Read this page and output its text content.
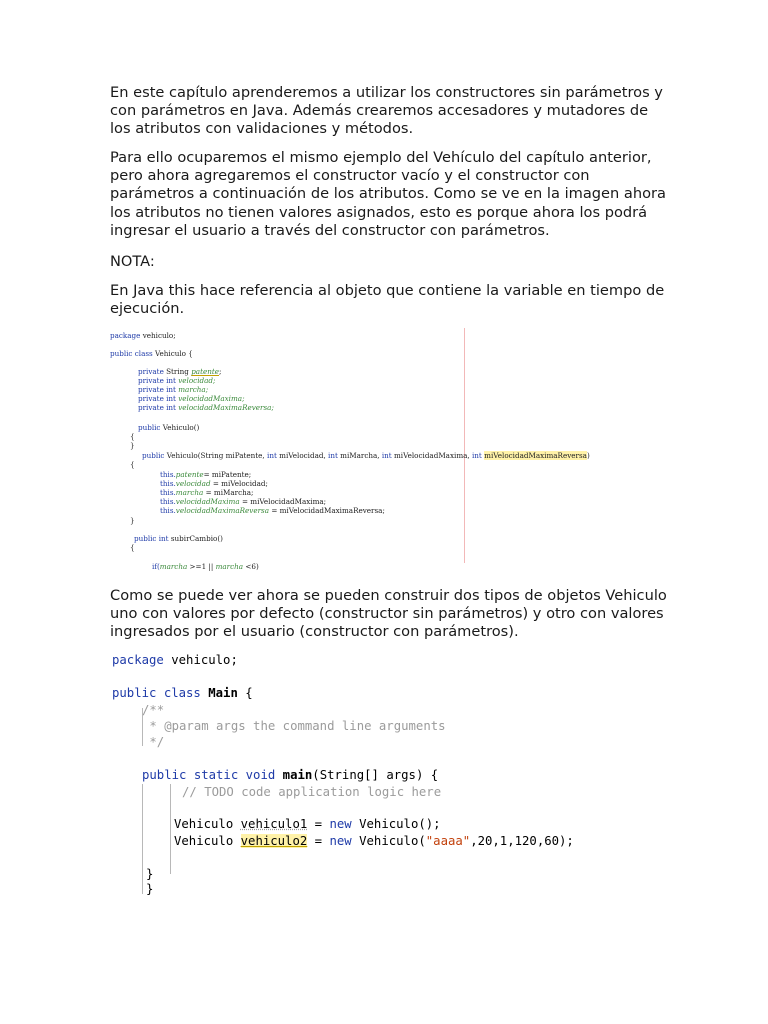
En este capítulo aprenderemos a utilizar los constructores sin parámetros y con parámetros en Java. Además crearemos accesadores y mutadores de los atributos con validaciones y métodos.

Para ello ocuparemos el mismo ejemplo del Vehículo del capítulo anterior, pero ahora agregaremos el constructor vacío y el constructor con parámetros a continuación de los atributos. Como se ve en la imagen ahora los atributos no tienen valores asignados, esto es porque ahora los podrá ingresar el usuario a través del constructor con parámetros.

NOTA:

En Java this hace referencia al objeto que contiene la variable en tiempo de ejecución.

package vehiculo;
public class Vehiculo {
private String patente;
private int velocidad;
private int marcha;
private int velocidadMaxima;
private int velocidadMaximaReversa;
public Vehiculo()
{
}
public Vehiculo(String miPatente, int miVelocidad, int miMarcha, int miVelocidadMaxima, int miVelocidadMaximaReversa)
{
this.patente= miPatente;
this.velocidad = miVelocidad;
this.marcha = miMarcha;
this.velocidadMaxima = miVelocidadMaxima;
this.velocidadMaximaReversa = miVelocidadMaximaReversa;
}
public int subirCambio()
{
if(marcha >=1 || marcha <6)

Como se puede ver ahora se pueden construir dos tipos de objetos Vehiculo uno con valores por defecto (constructor sin parámetros) y otro con valores ingresados por el usuario (constructor con parámetros).

package vehiculo;
public class Main {
/**
* @param args the command line arguments
*/
public static void main(String[] args) {
// TODO code application logic here
Vehiculo vehiculo1 = new Vehiculo();
Vehiculo vehiculo2 = new Vehiculo("aaaa",20,1,120,60);
}
}
